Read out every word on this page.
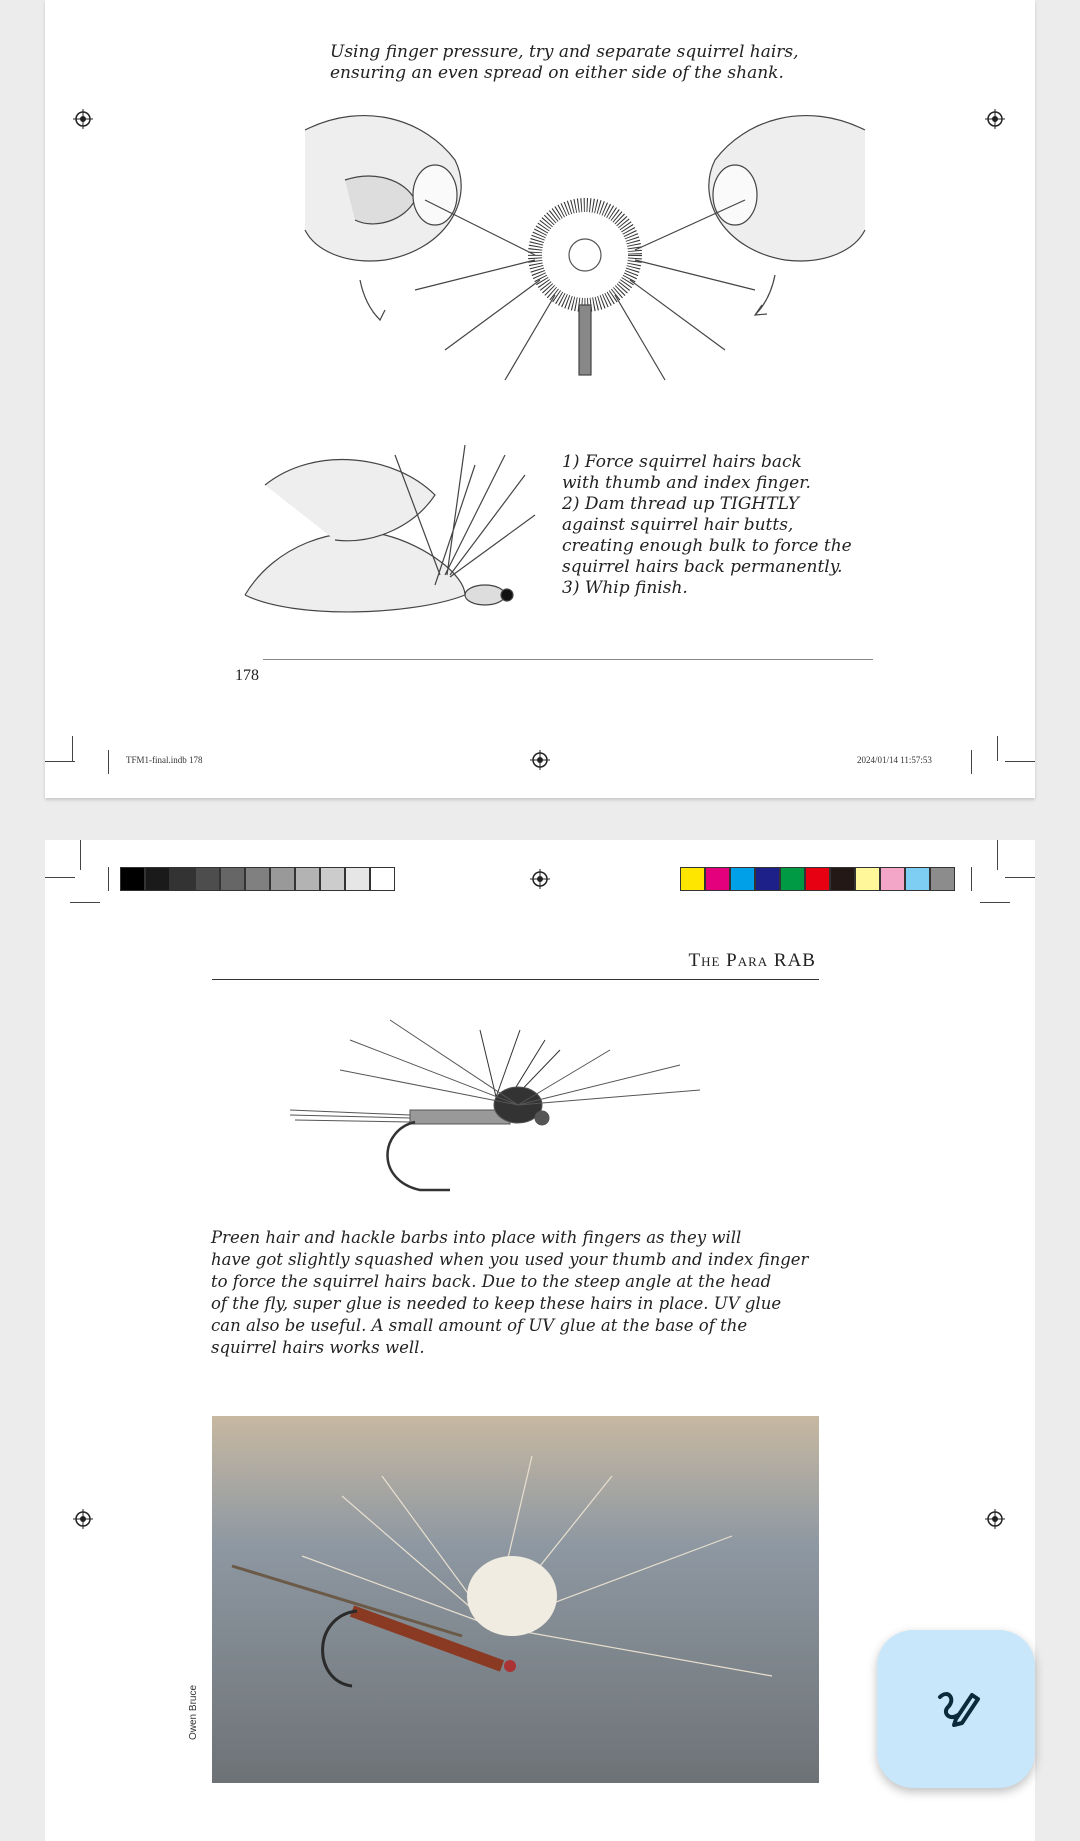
Using finger pressure, try and separate squirrel hairs,
ensuring an even spread on either side of the shank.
1) Force squirrel hairs back
with thumb and index finger.
2) Dam thread up TIGHTLY
against squirrel hair butts,
creating enough bulk to force the
squirrel hairs back permanently.
3) Whip finish.
178
TFM1-final.indb 178	2024/01/14 11:57:53
The Para RAB
Preen hair and hackle barbs into place with fingers as they will
have got slightly squashed when you used your thumb and index finger
to force the squirrel hairs back. Due to the steep angle at the head
of the fly, super glue is needed to keep these hairs in place. UV glue
can also be useful. A small amount of UV glue at the base of the
squirrel hairs works well.
Owen Bruce
